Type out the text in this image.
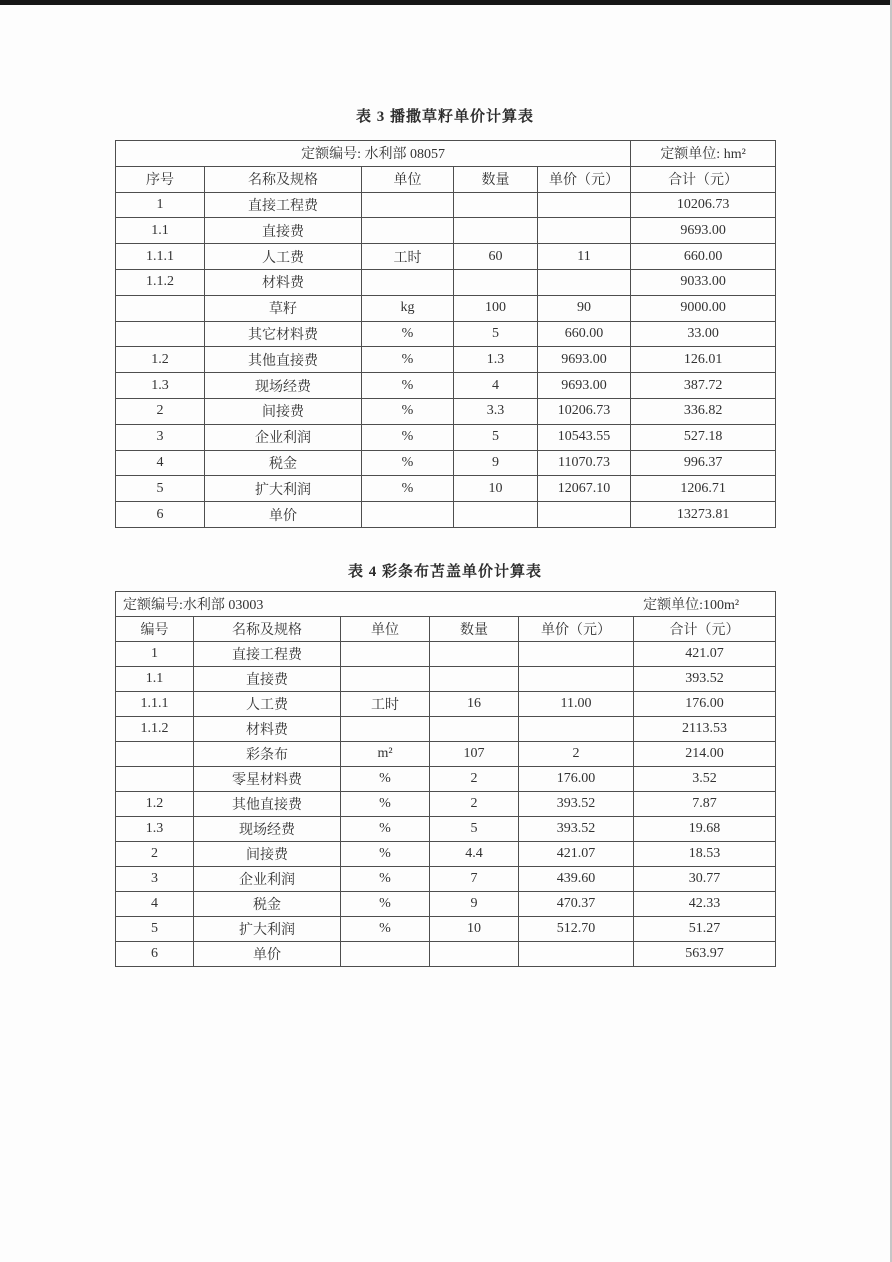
表 3 播撒草籽单价计算表
定额编号: 水利部 08057					定额单位: hm²
序号	名称及规格	单位	数量	单价（元）	合计（元）
1	直接工程费				10206.73
1.1	直接费				9693.00
1.1.1	人工费	工时	60	11	660.00
1.1.2	材料费				9033.00
	草籽	kg	100	90	9000.00
	其它材料费	%	5	660.00	33.00
1.2	其他直接费	%	1.3	9693.00	126.01
1.3	现场经费	%	4	9693.00	387.72
2	间接费	%	3.3	10206.73	336.82
3	企业利润	%	5	10543.55	527.18
4	税金	%	9	11070.73	996.37
5	扩大利润	%	10	12067.10	1206.71
6	单价				13273.81
表 4 彩条布苫盖单价计算表
定额编号:水利部 03003 定额单位:100m²					

编号	名称及规格	单位	数量	单价（元）	合计（元）
1	直接工程费				421.07
1.1	直接费				393.52
1.1.1	人工费	工时	16	11.00	176.00
1.1.2	材料费				2113.53
	彩条布	m²	107	2	214.00
	零星材料费	%	2	176.00	3.52
1.2	其他直接费	%	2	393.52	7.87
1.3	现场经费	%	5	393.52	19.68
2	间接费	%	4.4	421.07	18.53
3	企业利润	%	7	439.60	30.77
4	税金	%	9	470.37	42.33
5	扩大利润	%	10	512.70	51.27
6	单价				563.97
